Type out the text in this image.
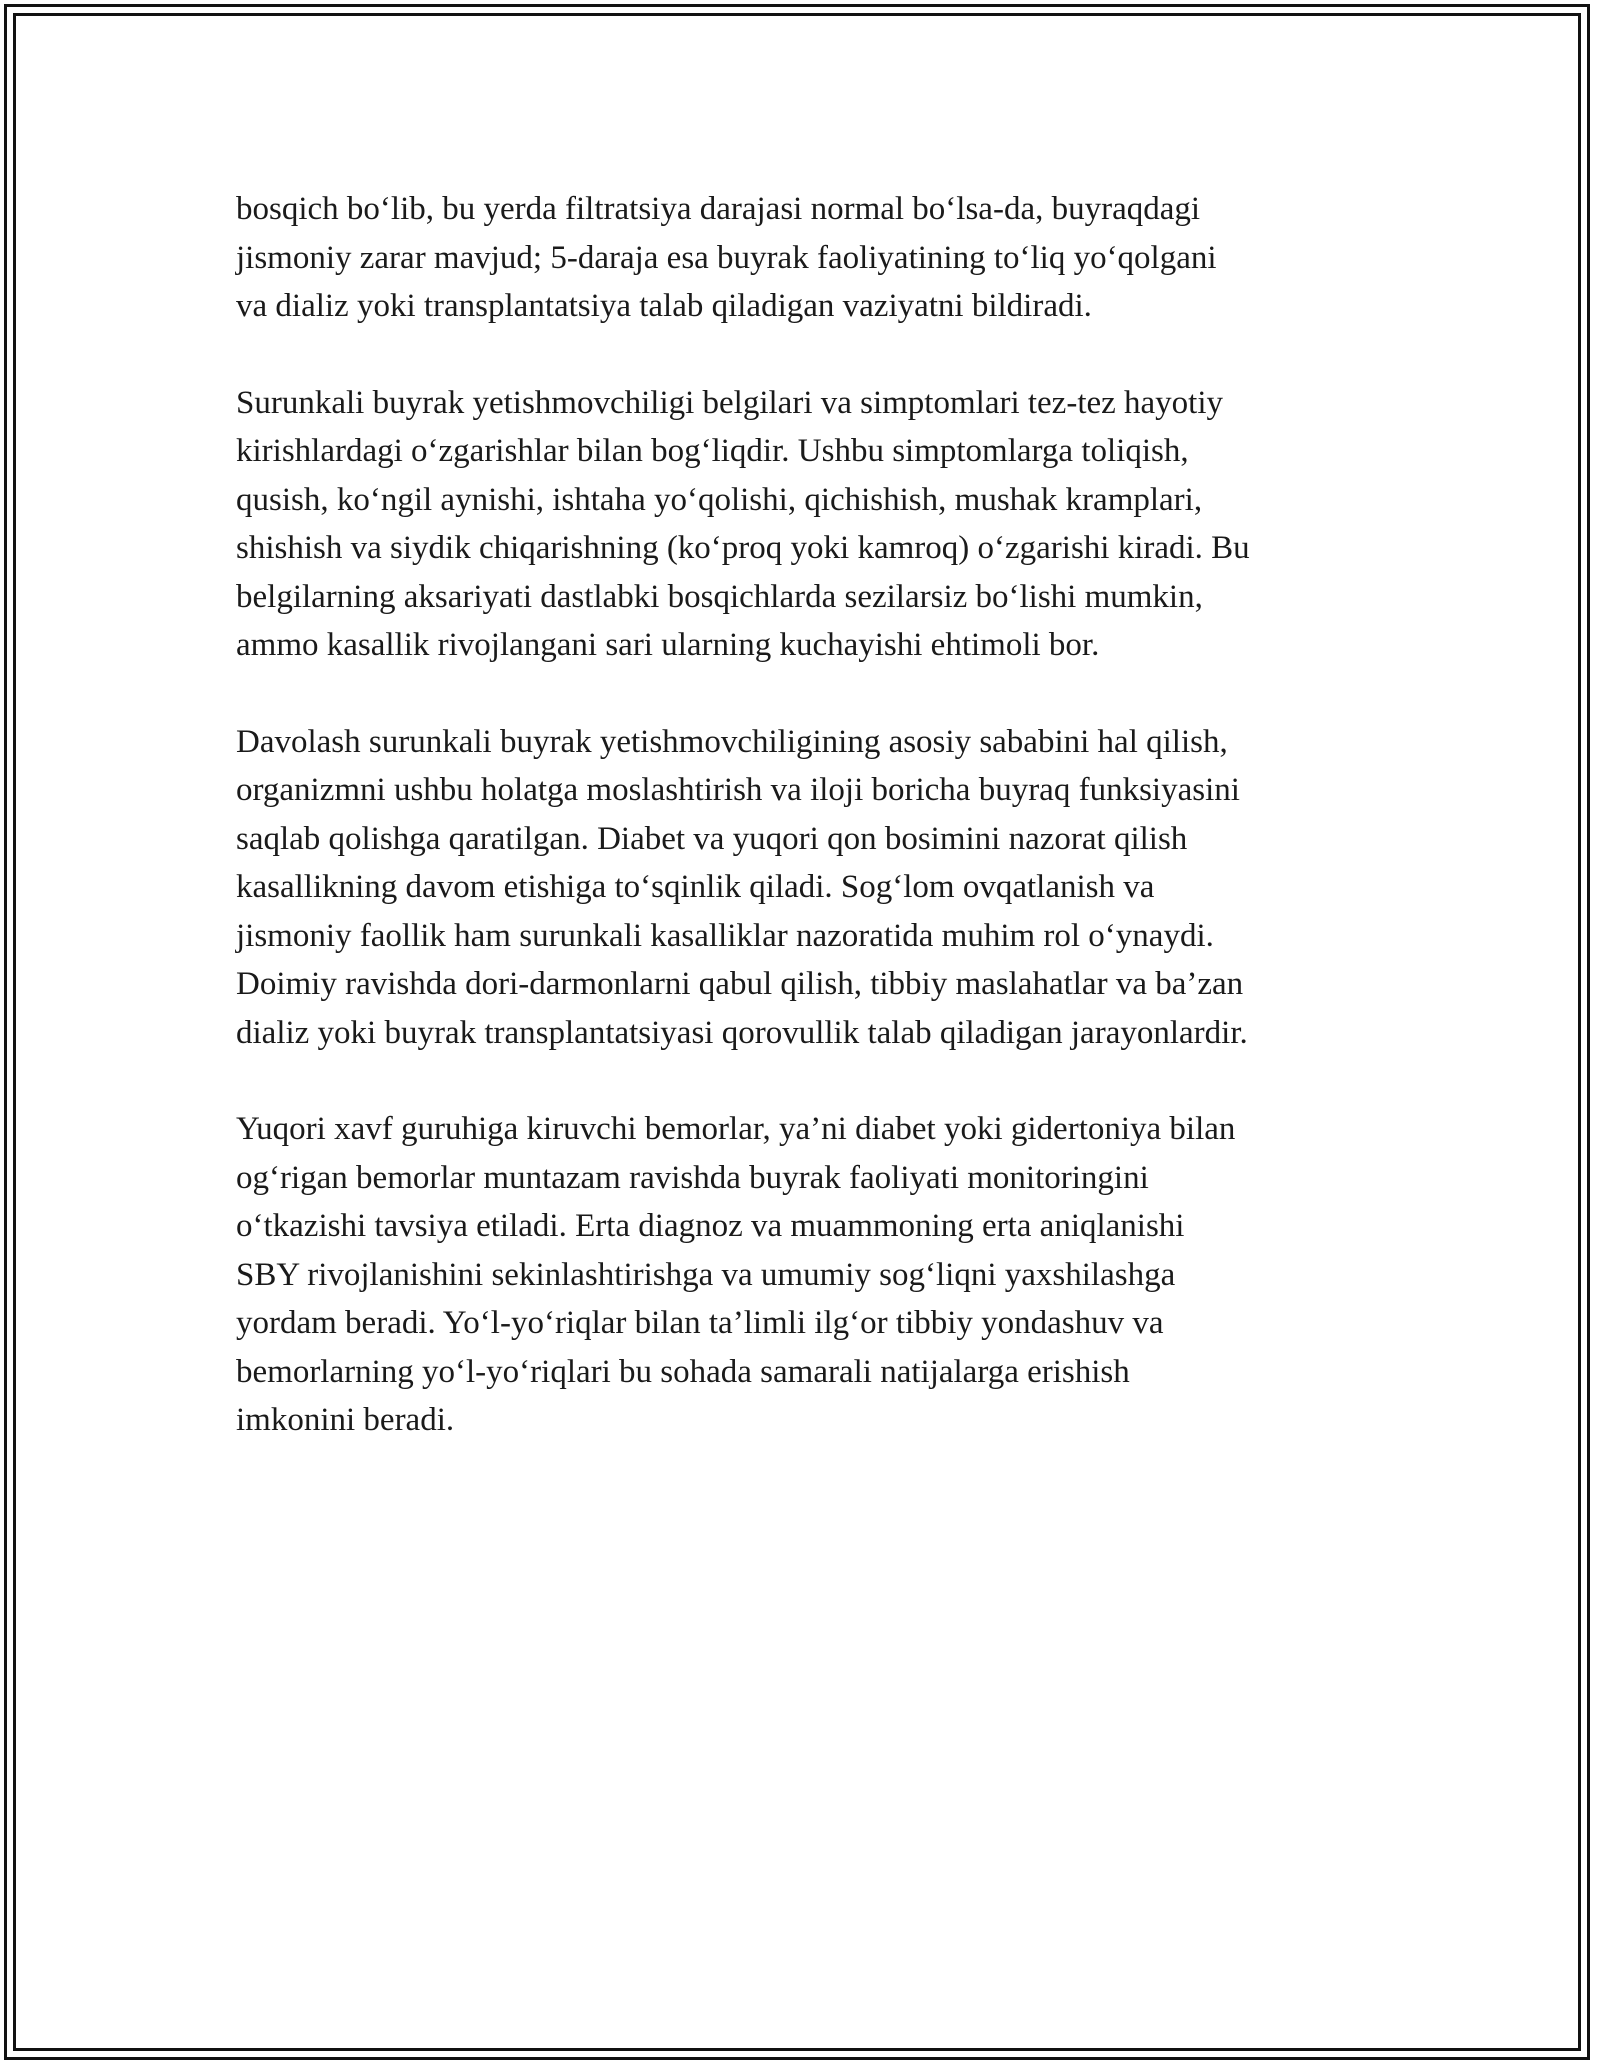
bosqich bo‘lib, bu yerda filtratsiya darajasi normal bo‘lsa-da, buyraqdagi
jismoniy zarar mavjud; 5-daraja esa buyrak faoliyatining to‘liq yo‘qolgani
va dializ yoki transplantatsiya talab qiladigan vaziyatni bildiradi.

Surunkali buyrak yetishmovchiligi belgilari va simptomlari tez-tez hayotiy
kirishlardagi o‘zgarishlar bilan bog‘liqdir. Ushbu simptomlarga toliqish,
qusish, ko‘ngil aynishi, ishtaha yo‘qolishi, qichishish, mushak kramplari,
shishish va siydik chiqarishning (ko‘proq yoki kamroq) o‘zgarishi kiradi. Bu
belgilarning aksariyati dastlabki bosqichlarda sezilarsiz bo‘lishi mumkin,
ammo kasallik rivojlangani sari ularning kuchayishi ehtimoli bor.

Davolash surunkali buyrak yetishmovchiligining asosiy sababini hal qilish,
organizmni ushbu holatga moslashtirish va iloji boricha buyraq funksiyasini
saqlab qolishga qaratilgan. Diabet va yuqori qon bosimini nazorat qilish
kasallikning davom etishiga to‘sqinlik qiladi. Sog‘lom ovqatlanish va
jismoniy faollik ham surunkali kasalliklar nazoratida muhim rol o‘ynaydi.
Doimiy ravishda dori-darmonlarni qabul qilish, tibbiy maslahatlar va ba’zan
dializ yoki buyrak transplantatsiyasi qorovullik talab qiladigan jarayonlardir.

Yuqori xavf guruhiga kiruvchi bemorlar, ya’ni diabet yoki gidertoniya bilan
og‘rigan bemorlar muntazam ravishda buyrak faoliyati monitoringini
o‘tkazishi tavsiya etiladi. Erta diagnoz va muammoning erta aniqlanishi
SBY rivojlanishini sekinlashtirishga va umumiy sog‘liqni yaxshilashga
yordam beradi. Yo‘l-yo‘riqlar bilan ta’limli ilg‘or tibbiy yondashuv va
bemorlarning yo‘l-yo‘riqlari bu sohada samarali natijalarga erishish
imkonini beradi.
